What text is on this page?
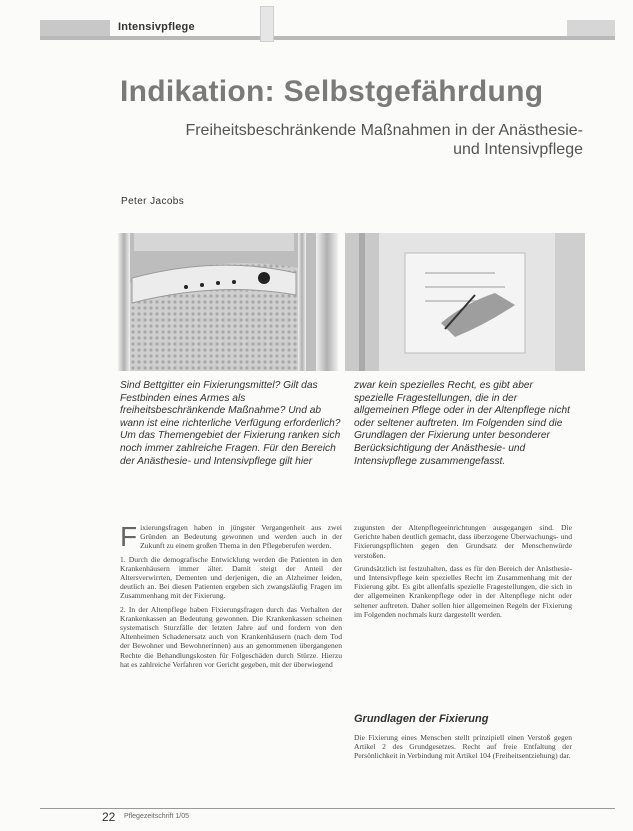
Intensivpflege
Indikation: Selbstgefährdung
Freiheitsbeschränkende Maßnahmen in der Anästhesie- und Intensivpflege
Peter Jacobs

Sind Bettgitter ein Fixierungsmittel? Gilt das Festbinden eines Armes als freiheitsbeschränkende Maßnahme? Und ab wann ist eine richterliche Verfügung erforderlich? Um das Themengebiet der Fixierung ranken sich noch immer zahlreiche Fragen. Für den Bereich der Anästhesie- und Intensivpflege gilt hier

zwar kein spezielles Recht, es gibt aber spezielle Fragestellungen, die in der allgemeinen Pflege oder in der Altenpflege nicht oder seltener auftreten. Im Folgenden sind die Grundlagen der Fixierung unter besonderer Berücksichtigung der Anästhesie- und Intensivpflege zusammengefasst.

Fixierungsfragen haben in jüngster Vergangenheit aus zwei Gründen an Bedeutung gewonnen und werden auch in der Zukunft zu einem großen Thema in den Pflegeberufen werden.

1. Durch die demografische Entwicklung werden die Patienten in den Krankenhäusern immer älter. Damit steigt der Anteil der Altersverwirrten, Dementen und derjenigen, die an Alzheimer leiden, deutlich an. Bei diesen Patienten ergeben sich zwangsläufig Fragen im Zusammenhang mit der Fixierung.

2. In der Altenpflege haben Fixierungsfragen durch das Verhalten der Krankenkassen an Bedeutung gewonnen. Die Krankenkassen scheinen systematisch Sturzfälle der letzten Jahre auf und fordern von den Altenheimen Schadenersatz auch von Krankenhäusern (nach dem Tod der Bewohner und Bewohnerinnen) aus an genommenen übergangenen Rechte die Behandlungskosten für Folgeschäden durch Stürze. Hierzu hat es zahlreiche Verfahren vor Gericht gegeben, mit der überwiegend

zugunsten der Altenpflegeeinrichtungen ausgegangen sind. Die Gerichte haben deutlich gemacht, dass überzogene Überwachungs- und Fixierungspflichten gegen den Grundsatz der Menschenwürde verstoßen.

Grundsätzlich ist festzuhalten, dass es für den Bereich der Anästhesie- und Intensivpflege kein spezielles Recht im Zusammenhang mit der Fixierung gibt. Es gibt allenfalls spezielle Fragestellungen, die sich in der allgemeinen Krankenpflege oder in der Altenpflege nicht oder seltener auftreten. Daher sollen hier allgemeinen Regeln der Fixierung im Folgenden nochmals kurz dargestellt werden.

Grundlagen der Fixierung

Die Fixierung eines Menschen stellt prinzipiell einen Verstoß gegen Artikel 2 des Grundgesetzes. Recht auf freie Entfaltung der Persönlichkeit in Verbindung mit Artikel 104 (Freiheitsentziehung) dar.

22 Pflegezeitschrift 1/05
